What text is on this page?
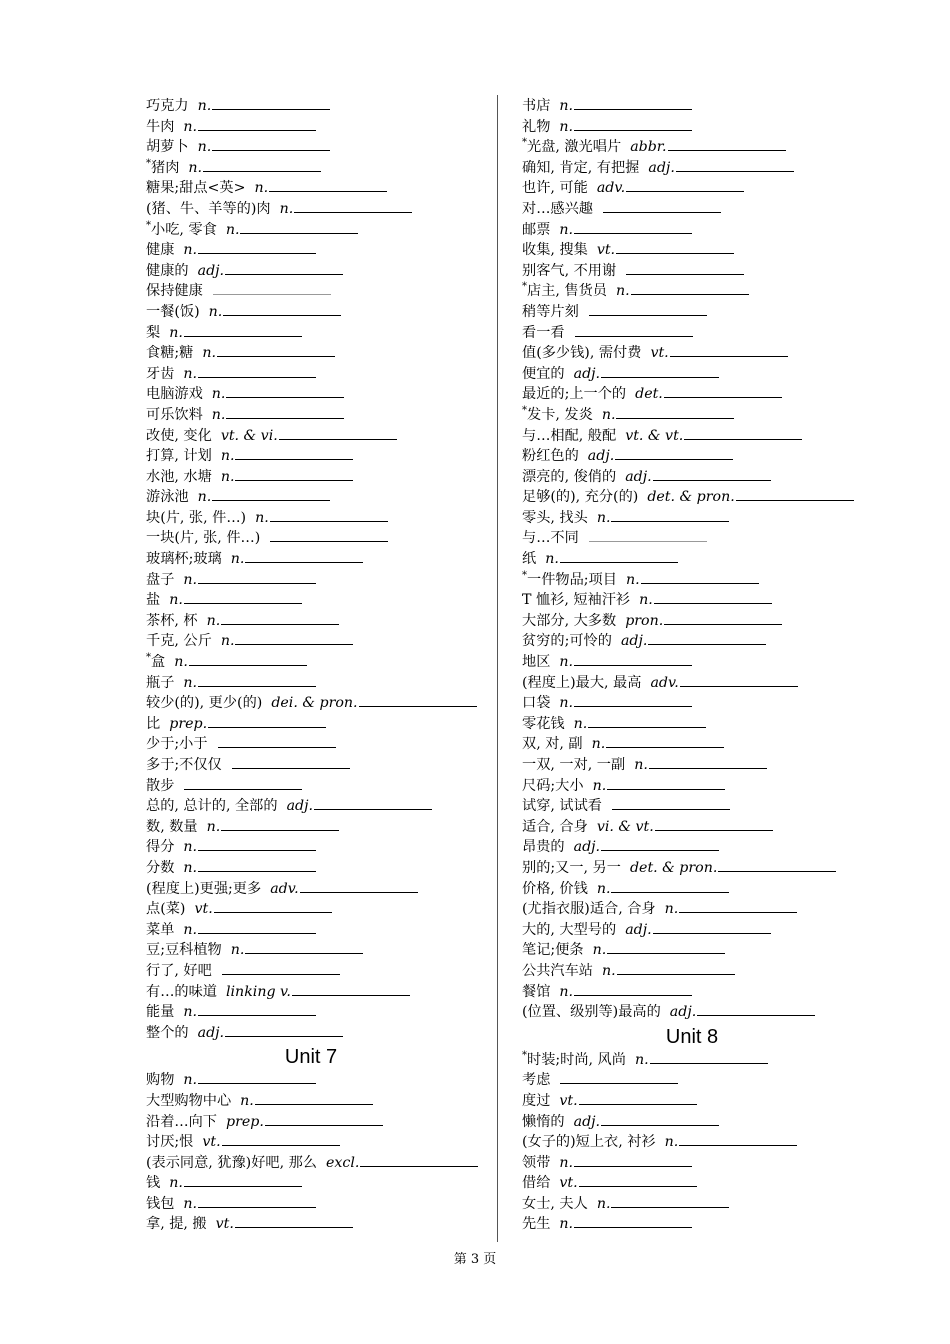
巧克力 n.
牛肉 n.
胡萝卜 n.
*猪肉 n.
糖果;甜点<英> n.
(猪、牛、羊等的)肉 n.
*小吃, 零食 n.
健康 n.
健康的 adj.
保持健康
一餐(饭) n.
梨 n.
食糖;糖 n.
牙齿 n.
电脑游戏 n.
可乐饮料 n.
改使, 变化 vt. & vi.
打算, 计划 n.
水池, 水塘 n.
游泳池 n.
块(片, 张, 件…) n.
一块(片, 张, 件…)
玻璃杯;玻璃 n.
盘子 n.
盐 n.
茶杯, 杯 n.
千克, 公斤 n.
*盒 n.
瓶子 n.
较少(的), 更少(的) dei. & pron.
比 prep.
少于;小于
多于;不仅仅
散步
总的, 总计的, 全部的 adj.
数, 数量 n.
得分 n.
分数 n.
(程度上)更强;更多 adv.
点(菜) vt.
菜单 n.
豆;豆科植物 n.
行了, 好吧
有…的味道 linking v.
能量 n.
整个的 adj.
Unit 7
购物 n.
大型购物中心 n.
沿着…向下 prep.
讨厌;恨 vt.
(表示同意, 犹豫)好吧, 那么 excl.
钱 n.
钱包 n.
拿, 提, 搬 vt.
书店 n.
礼物 n.
*光盘, 激光唱片 abbr.
确知, 肯定, 有把握 adj.
也许, 可能 adv.
对…感兴趣
邮票 n.
收集, 搜集 vt.
别客气, 不用谢
*店主, 售货员 n.
稍等片刻
看一看
值(多少钱), 需付费 vt.
便宜的 adj.
最近的;上一个的 det.
*发卡, 发炎 n.
与…相配, 般配 vt. & vt.
粉红色的 adj.
漂亮的, 俊俏的 adj.
足够(的), 充分(的) det. & pron.
零头, 找头 n.
与…不同
纸 n.
*一件物品;项目 n.
T 恤衫, 短袖汗衫 n.
大部分, 大多数 pron.
贫穷的;可怜的 adj.
地区 n.
(程度上)最大, 最高 adv.
口袋 n.
零花钱 n.
双, 对, 副 n.
一双, 一对, 一副 n.
尺码;大小 n.
试穿, 试试看
适合, 合身 vi. & vt.
昂贵的 adj.
别的;又一, 另一 det. & pron.
价格, 价钱 n.
(尤指衣服)适合, 合身 n.
大的, 大型号的 adj.
笔记;便条 n.
公共汽车站 n.
餐馆 n.
(位置、级别等)最高的 adj.
Unit 8
*时装;时尚, 风尚 n.
考虑
度过 vt.
懒惰的 adj.
(女子的)短上衣, 衬衫 n.
领带 n.
借给 vt.
女士, 夫人 n.
先生 n.
第 3 页
